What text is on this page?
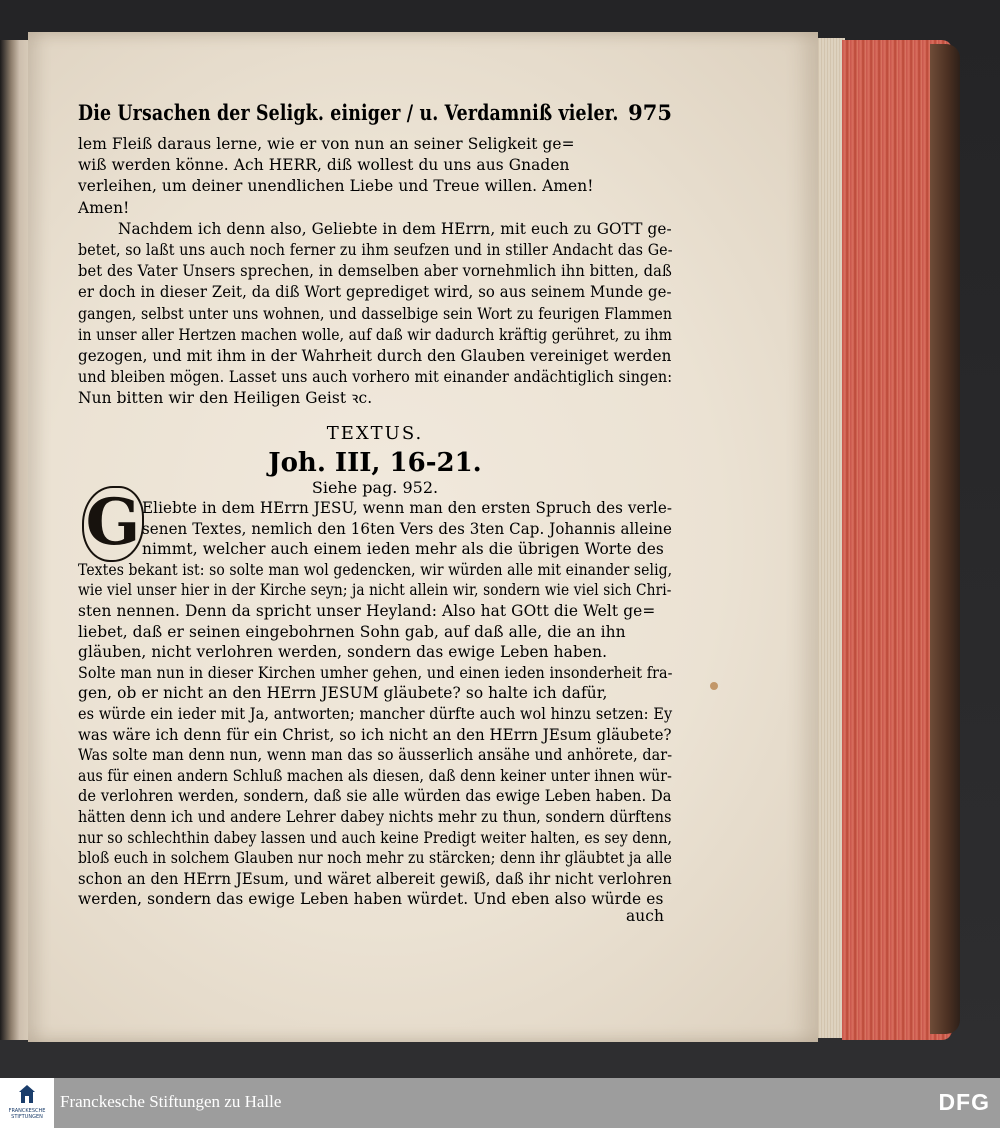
Die Ursachen der Seligk. einiger / u. Verdamniß vieler. 975
lem Fleiß daraus lerne, wie er von nun an seiner Seligkeit ge=
wiß werden könne. Ach HERR, diß wollest du uns aus Gnaden
verleihen, um deiner unendlichen Liebe und Treue willen. Amen!
Amen!
Nachdem ich denn also, Geliebte in dem HErrn, mit euch zu GOTT ge-
betet, so laßt uns auch noch ferner zu ihm seufzen und in stiller Andacht das Ge-
bet des Vater Unsers sprechen, in demselben aber vornehmlich ihn bitten, daß
er doch in dieser Zeit, da diß Wort geprediget wird, so aus seinem Munde ge-
gangen, selbst unter uns wohnen, und dasselbige sein Wort zu feurigen Flammen
in unser aller Hertzen machen wolle, auf daß wir dadurch kräftig gerühret, zu ihm
gezogen, und mit ihm in der Wahrheit durch den Glauben vereiniget werden
und bleiben mögen. Lasset uns auch vorhero mit einander andächtiglich singen:
Nun bitten wir den Heiligen Geist ꝛc.
TEXTUS.
Joh. III, 16-21.
Siehe pag. 952.
G Eliebte in dem HErrn JESU, wenn man den ersten Spruch des verle-
senen Textes, nemlich den 16ten Vers des 3ten Cap. Johannis alleine
nimmt, welcher auch einem ieden mehr als die übrigen Worte des
Textes bekant ist: so solte man wol gedencken, wir würden alle mit einander selig,
wie viel unser hier in der Kirche seyn; ja nicht allein wir, sondern wie viel sich Chri-
sten nennen. Denn da spricht unser Heyland: Also hat GOtt die Welt ge=
liebet, daß er seinen eingebohrnen Sohn gab, auf daß alle, die an ihn
gläuben, nicht verlohren werden, sondern das ewige Leben haben.
Solte man nun in dieser Kirchen umher gehen, und einen ieden insonderheit fra-
gen, ob er nicht an den HErrn JESUM gläubete? so halte ich dafür,
es würde ein ieder mit Ja, antworten; mancher dürfte auch wol hinzu setzen: Ey
was wäre ich denn für ein Christ, so ich nicht an den HErrn JEsum gläubete?
Was solte man denn nun, wenn man das so äusserlich ansähe und anhörete, dar-
aus für einen andern Schluß machen als diesen, daß denn keiner unter ihnen wür-
de verlohren werden, sondern, daß sie alle würden das ewige Leben haben. Da
hätten denn ich und andere Lehrer dabey nichts mehr zu thun, sondern dürftens
nur so schlechthin dabey lassen und auch keine Predigt weiter halten, es sey denn,
bloß euch in solchem Glauben nur noch mehr zu stärcken; denn ihr gläubtet ja alle
schon an den HErrn JEsum, und wäret albereit gewiß, daß ihr nicht verlohren
werden, sondern das ewige Leben haben würdet. Und eben also würde es
auch
FRANCKESCHE
STIFTUNGEN
Franckesche Stiftungen zu Halle	DFG
